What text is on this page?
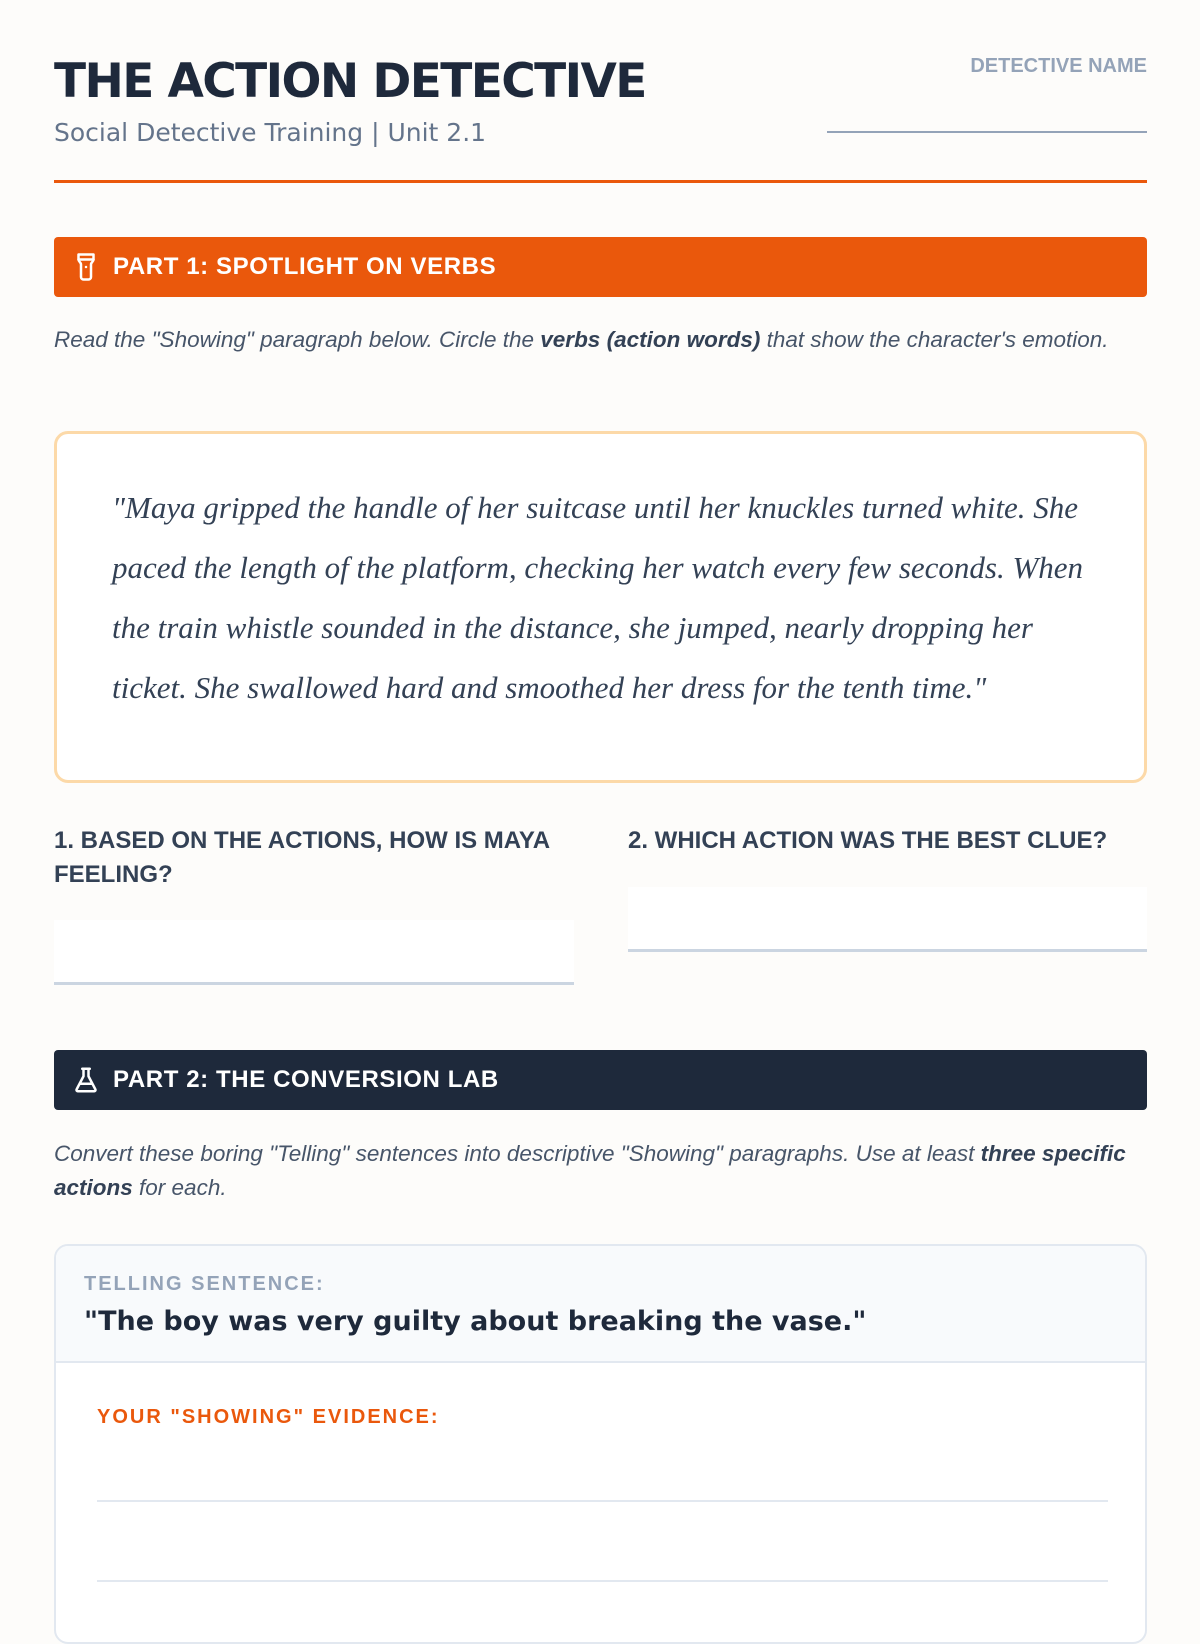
THE ACTION DETECTIVE
Social Detective Training | Unit 2.1
DETECTIVE NAME
PART 1: SPOTLIGHT ON VERBS
Read the "Showing" paragraph below. Circle the verbs (action words) that show the character's emotion.

"Maya gripped the handle of her suitcase until her knuckles turned white. She paced the length of the platform, checking her watch every few seconds. When the train whistle sounded in the distance, she jumped, nearly dropping her ticket. She swallowed hard and smoothed her dress for the tenth time."

1. BASED ON THE ACTIONS, HOW IS MAYA FEELING?
2. WHICH ACTION WAS THE BEST CLUE?
PART 2: THE CONVERSION LAB
Convert these boring "Telling" sentences into descriptive "Showing" paragraphs. Use at least three specific actions for each.
TELLING SENTENCE:
"The boy was very guilty about breaking the vase."
YOUR "SHOWING" EVIDENCE:
